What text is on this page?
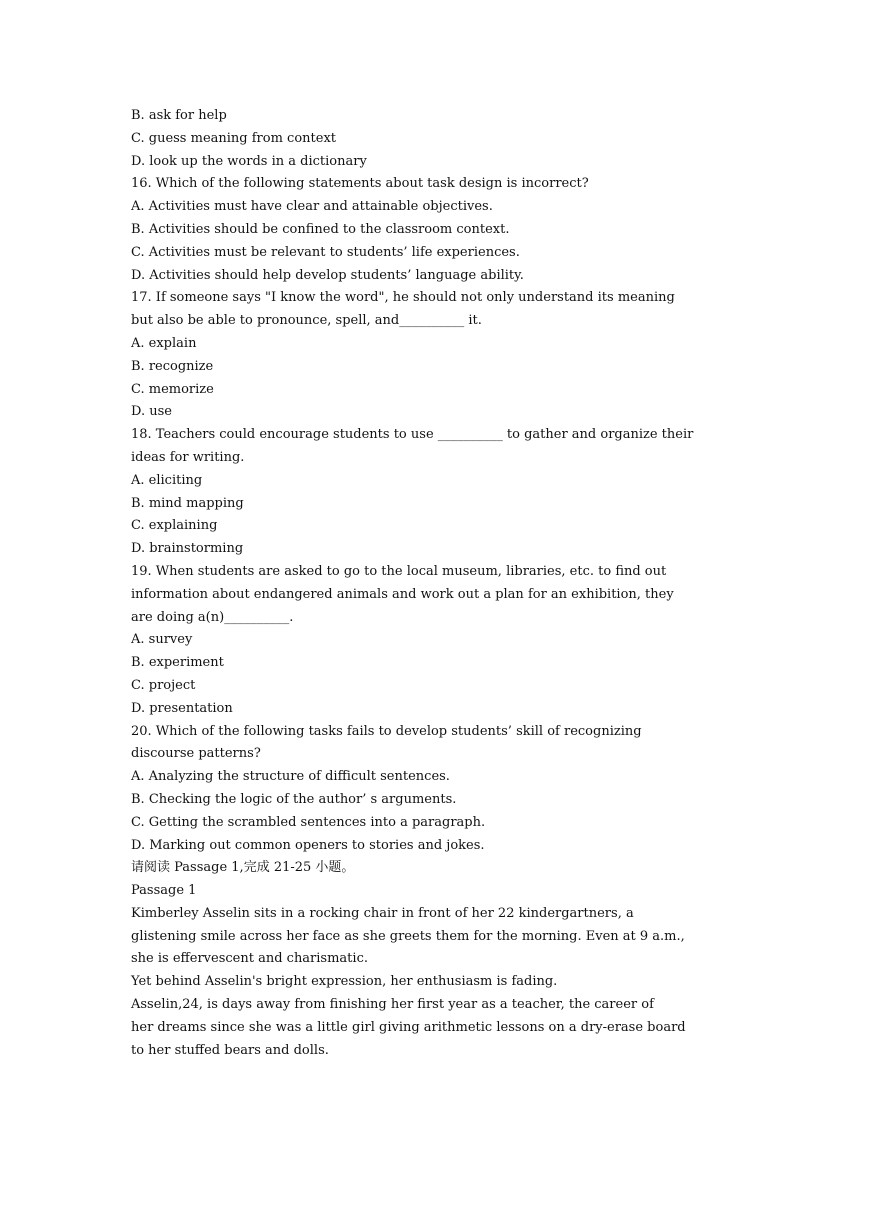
B. ask for help
C. guess meaning from context
D. look up the words in a dictionary
16. Which of the following statements about task design is incorrect?
A. Activities must have clear and attainable objectives.
B. Activities should be confined to the classroom context.
C. Activities must be relevant to students’ life experiences.
D. Activities should help develop students’ language ability.
17. If someone says "I know the word", he should not only understand its meaning
but also be able to pronounce, spell, and__________ it.
A. explain
B. recognize
C. memorize
D. use
18. Teachers could encourage students to use __________ to gather and organize their
ideas for writing.
A. eliciting
B. mind mapping
C. explaining
D. brainstorming
19. When students are asked to go to the local museum, libraries, etc. to find out
information about endangered animals and work out a plan for an exhibition, they
are doing a(n)__________.
A. survey
B. experiment
C. project
D. presentation
20. Which of the following tasks fails to develop students’ skill of recognizing
discourse patterns?
A. Analyzing the structure of difficult sentences.
B. Checking the logic of the author’ s arguments.
C. Getting the scrambled sentences into a paragraph.
D. Marking out common openers to stories and jokes.
请阅读 Passage 1,完成 21-25 小题。
Passage 1
Kimberley Asselin sits in a rocking chair in front of her 22 kindergartners, a
glistening smile across her face as she greets them for the morning. Even at 9 a.m.,
she is effervescent and charismatic.
Yet behind Asselin's bright expression, her enthusiasm is fading.
Asselin,24, is days away from finishing her first year as a teacher, the career of
her dreams since she was a little girl giving arithmetic lessons on a dry-erase board
to her stuffed bears and dolls.
